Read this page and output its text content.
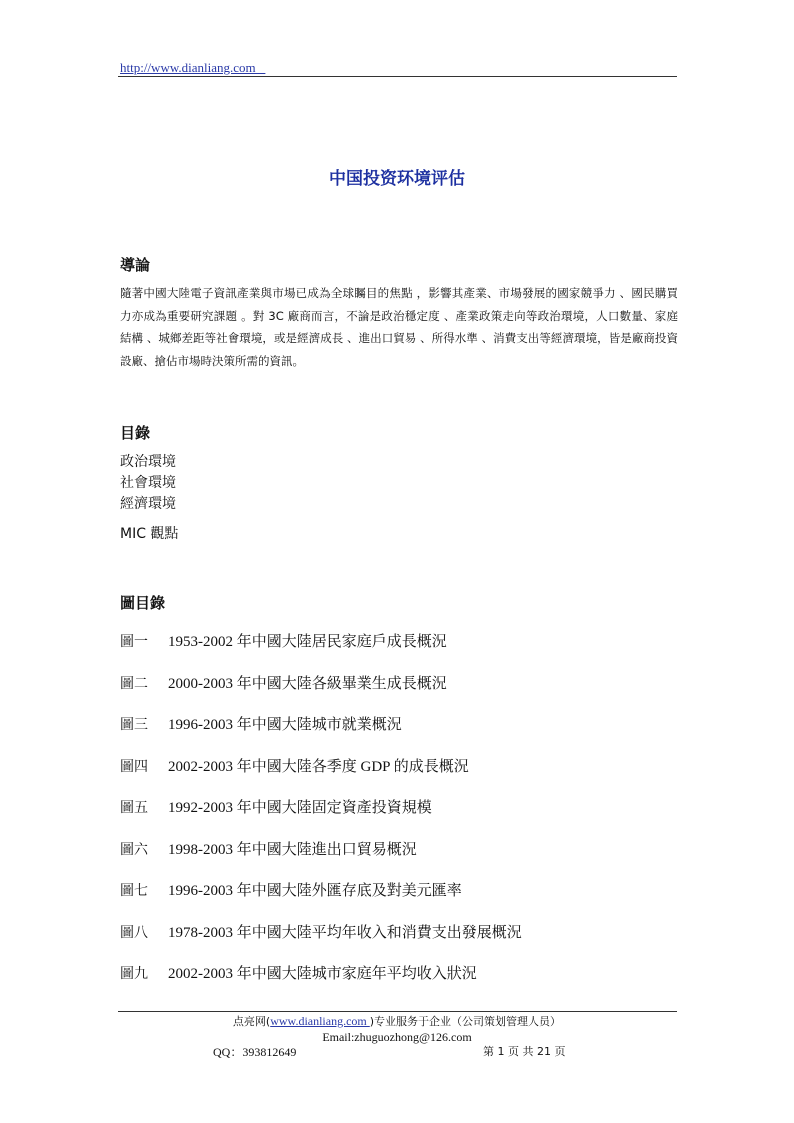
http://www.dianliang.com
中国投资环境评估
導論
隨著中國大陸電子資訊產業與市場已成為全球矚目的焦點 ，影響其產業、市場發展的國家競爭力 、國民購買力亦成為重要研究課題 。對 3C 廠商而言，不論是政治穩定度 、產業政策走向等政治環境，人口數量、家庭結構 、城鄉差距等社會環境，或是經濟成長 、進出口貿易 、所得水準 、消費支出等經濟環境，皆是廠商投資設廠、搶佔市場時決策所需的資訊。
目錄
政治環境
社會環境
經濟環境
MIC 觀點
圖目錄
圖一 1953-2002 年中國大陸居民家庭戶成長概況
圖二 2000-2003 年中國大陸各級畢業生成長概況
圖三 1996-2003 年中國大陸城市就業概況
圖四 2002-2003 年中國大陸各季度 GDP 的成長概況
圖五 1992-2003 年中國大陸固定資產投資規模
圖六 1998-2003 年中國大陸進出口貿易概況
圖七 1996-2003 年中國大陸外匯存底及對美元匯率
圖八 1978-2003 年中國大陸平均年收入和消費支出發展概況
圖九 2002-2003 年中國大陸城市家庭年平均收入狀況
点亮网(www.dianliang.com )专业服务于企业（公司策划管理人员）
Email:zhuguozhong@126.com
QQ：393812649	第 1 页 共 21 页
